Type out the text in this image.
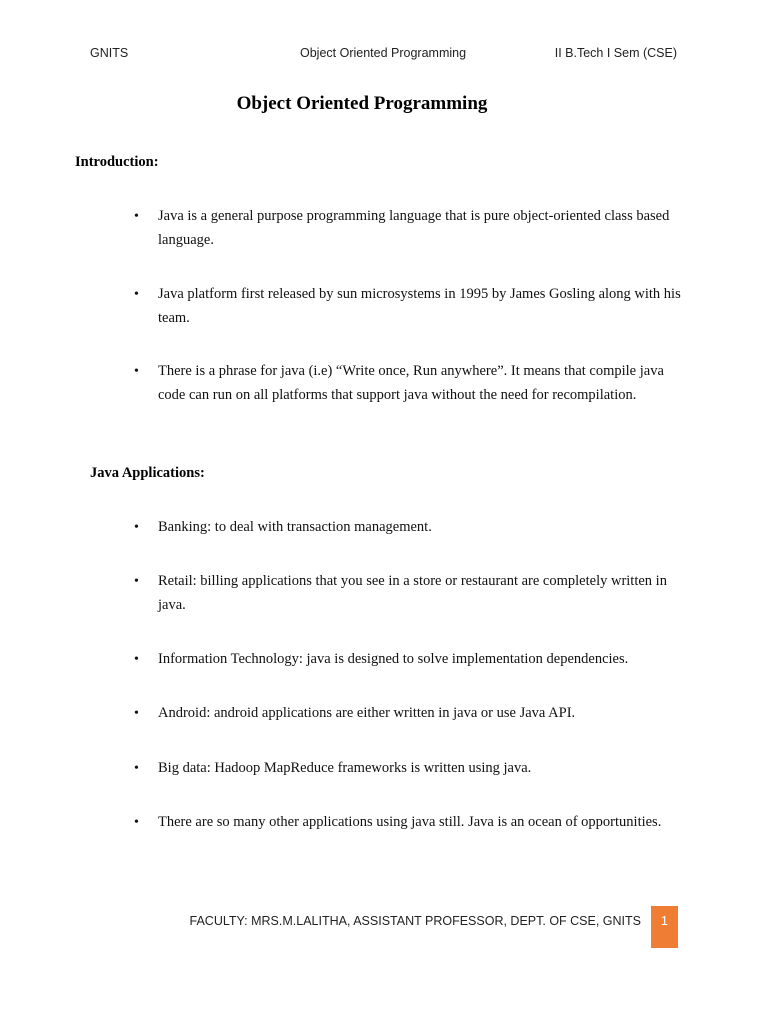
GNITS	Object Oriented Programming	II B.Tech I Sem (CSE)
Object Oriented Programming
Introduction:
• Java is a general purpose programming language that is pure object-oriented class based language.
• Java platform first released by sun microsystems in 1995 by James Gosling along with his team.
• There is a phrase for java (i.e) “Write once, Run anywhere”. It means that compile java code can run on all platforms that support java without the need for recompilation.
Java Applications:
• Banking: to deal with transaction management.
• Retail: billing applications that you see in a store or restaurant are completely written in java.
• Information Technology: java is designed to solve implementation dependencies.
• Android: android applications are either written in java or use Java API.
• Big data: Hadoop MapReduce frameworks is written using java.
• There are so many other applications using java still. Java is an ocean of opportunities.
FACULTY: MRS.M.LALITHA, ASSISTANT PROFESSOR, DEPT. OF CSE, GNITS	1
